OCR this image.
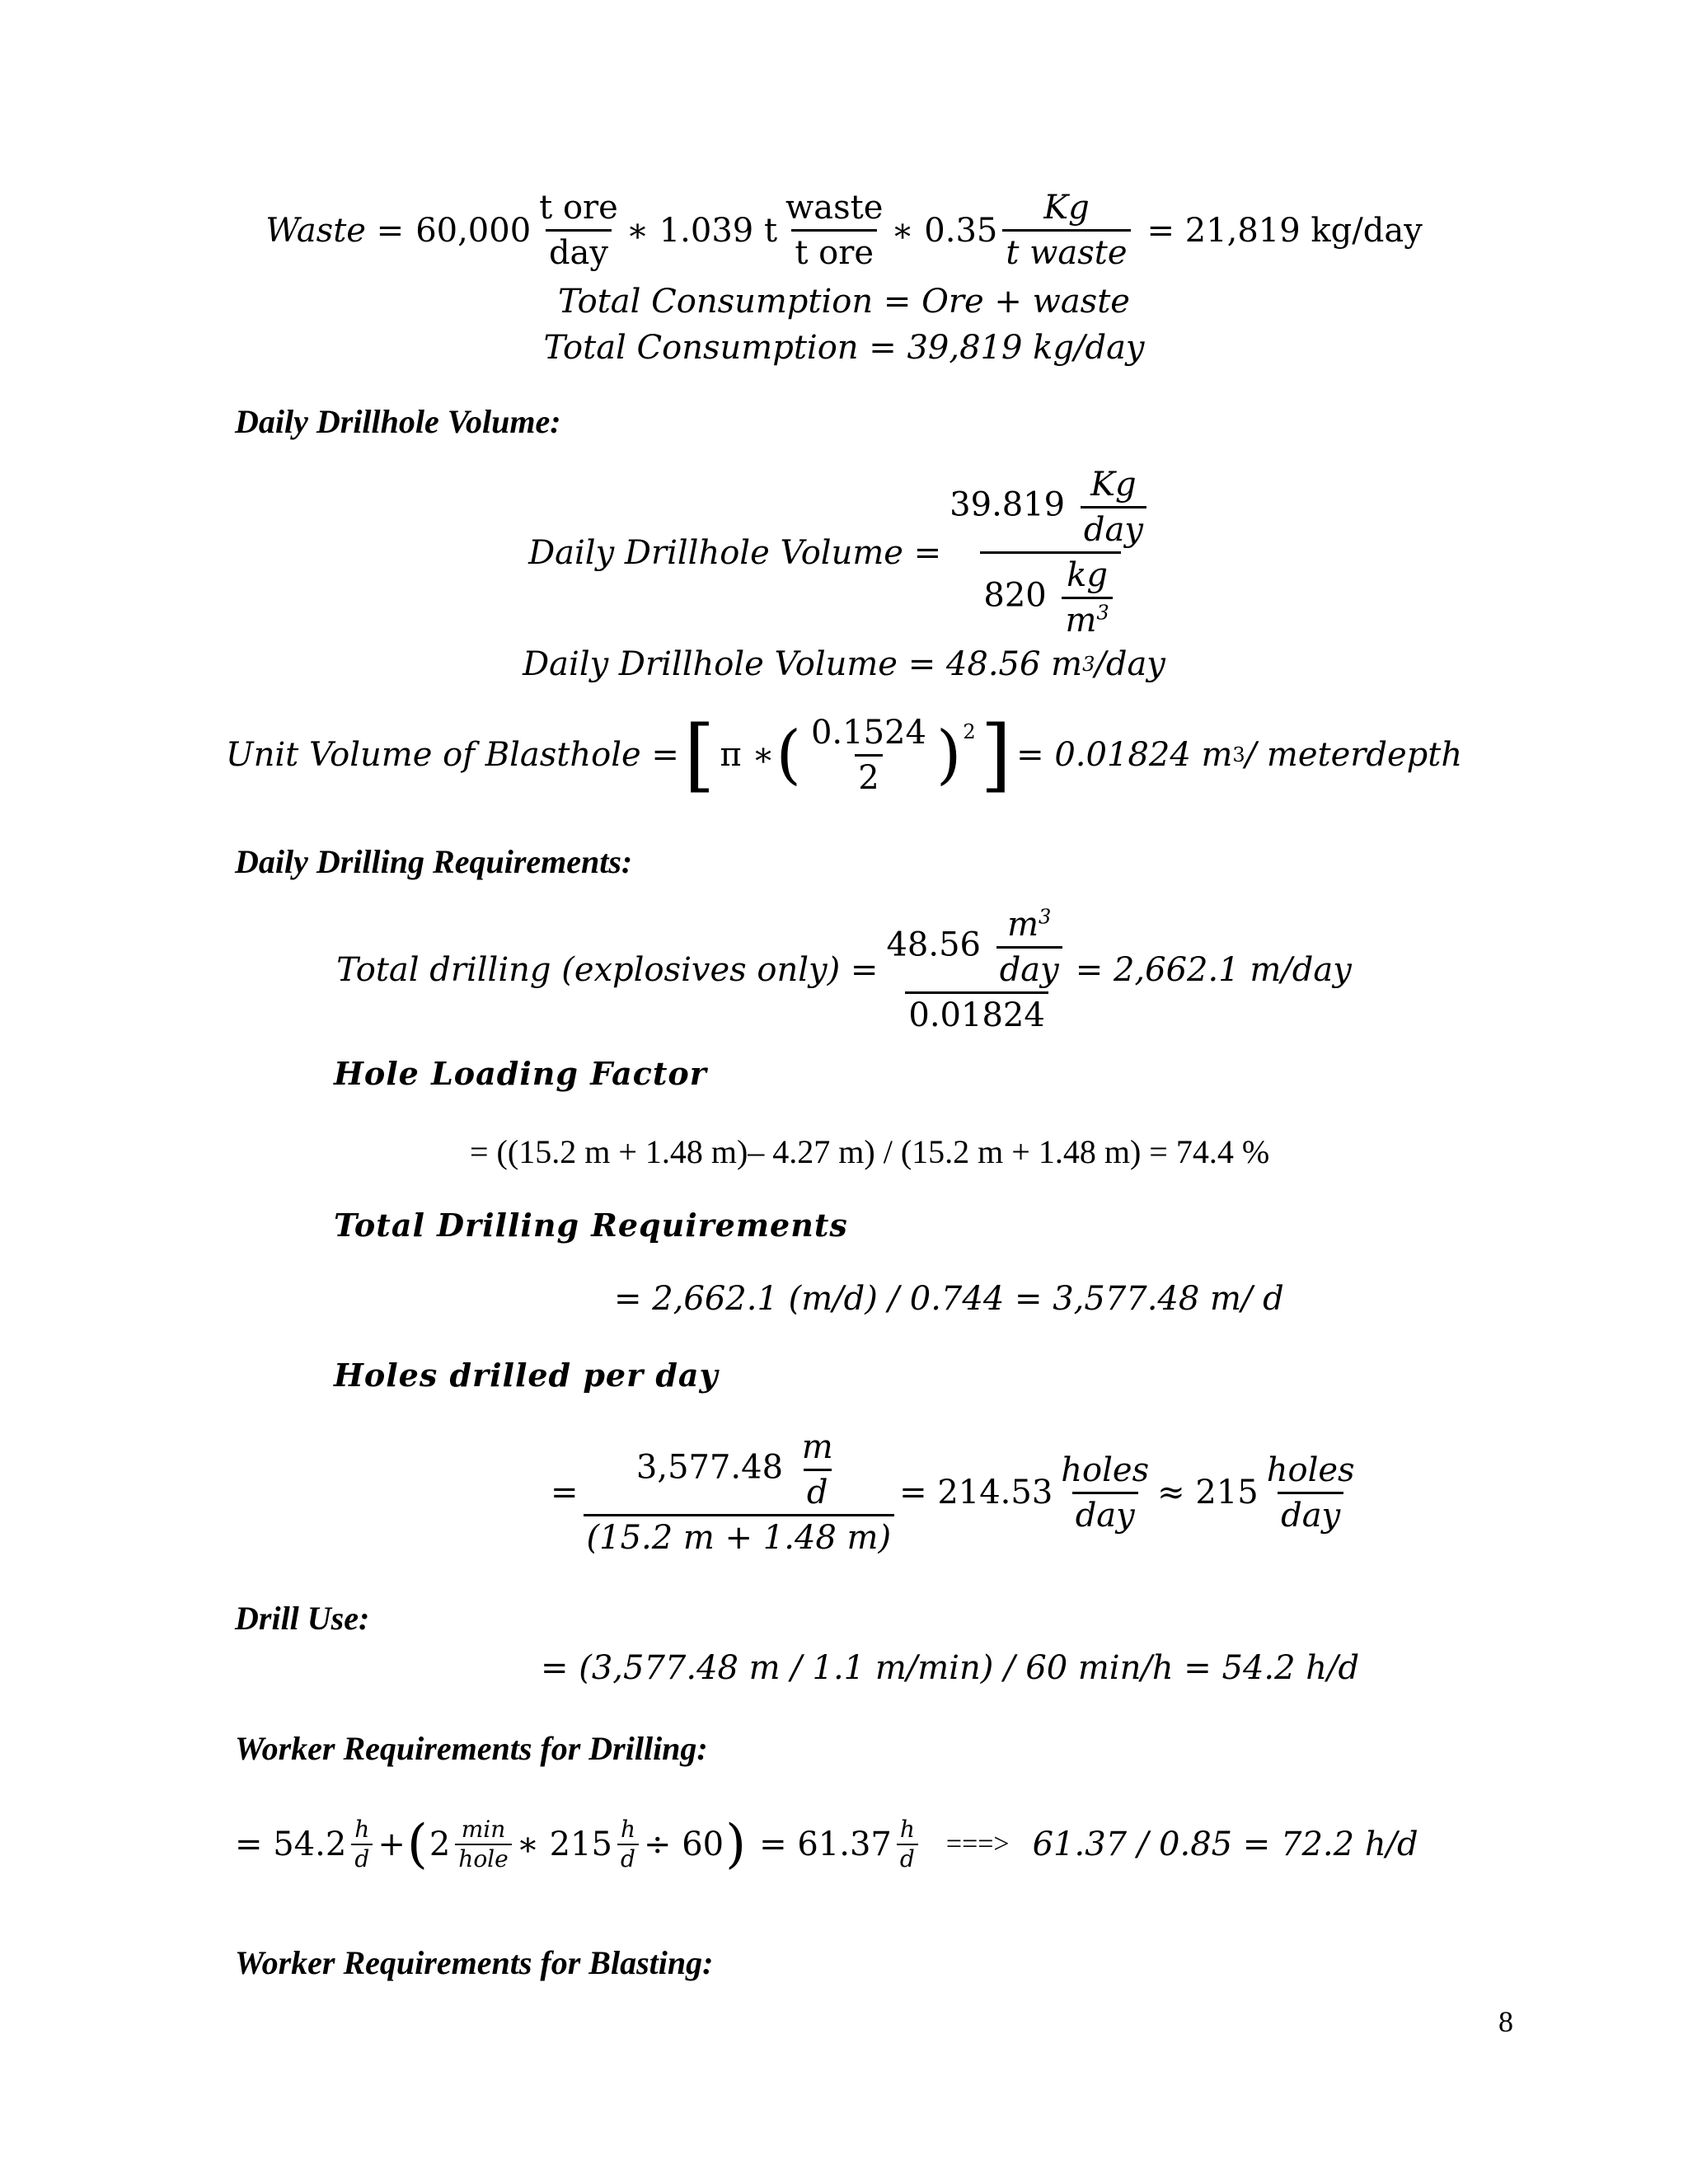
Waste = $60,000 \frac{\text{t ore}}{\text{day}}$ ∗ 1.039 t $\frac{\text{waste}}{\text{t ore}}$ ∗ $0.35 \frac{Kg}{\text{t waste}} = 21,819$ kg/day
Total Consumption = Ore + waste
Total Consumption = 39,819 kg/day
Daily Drillhole Volume:
Daily Drillhole Volume = $\frac{39.819 \frac{Kg}{\text{day}}}{820 \frac{kg}{m^3}}$
Daily Drillhole Volume = 48.56 m 3 /day
Unit Volume of Blasthole = [ π ∗ ( $\frac{0.1524}{2} )^2$ ] = 0.01824 m 3 / meterdepth
Daily Drilling Requirements:
Total drilling (explosives only) = $\frac{48.56 \frac{m^3}{\text{day}}}{0.01824} = 2,662.1$ m/day
Hole Loading Factor
= ((15.2 m + 1.48 m)– 4.27 m) / (15.2 m + 1.48 m) = 74.4 %
Total Drilling Requirements
= 2,662.1 (m/d) / 0.744 = 3,577.48 m/ d
Holes drilled per day
= $\frac{3,577.48 \frac{m}{d}}{(15.2 m + 1.48 m)} = 214.53 \frac{\text{holes}}{\text{day}} \approx 215 \frac{\text{holes}}{\text{day}}$
Drill Use:
= (3,577.48 m / 1.1 m/min) / 60 min/h = 54.2 h/d
Worker Requirements for Drilling:
= $54.2 \frac{h}{d}$ + ( $2 \frac{\min}{\text{hole}}$ ∗ $215 \frac{h}{d} \div 60$ ) = $61.37 \frac{h}{d}$ ===> 61.37 / 0.85 = 72.2 h/d
Worker Requirements for Blasting:
8
